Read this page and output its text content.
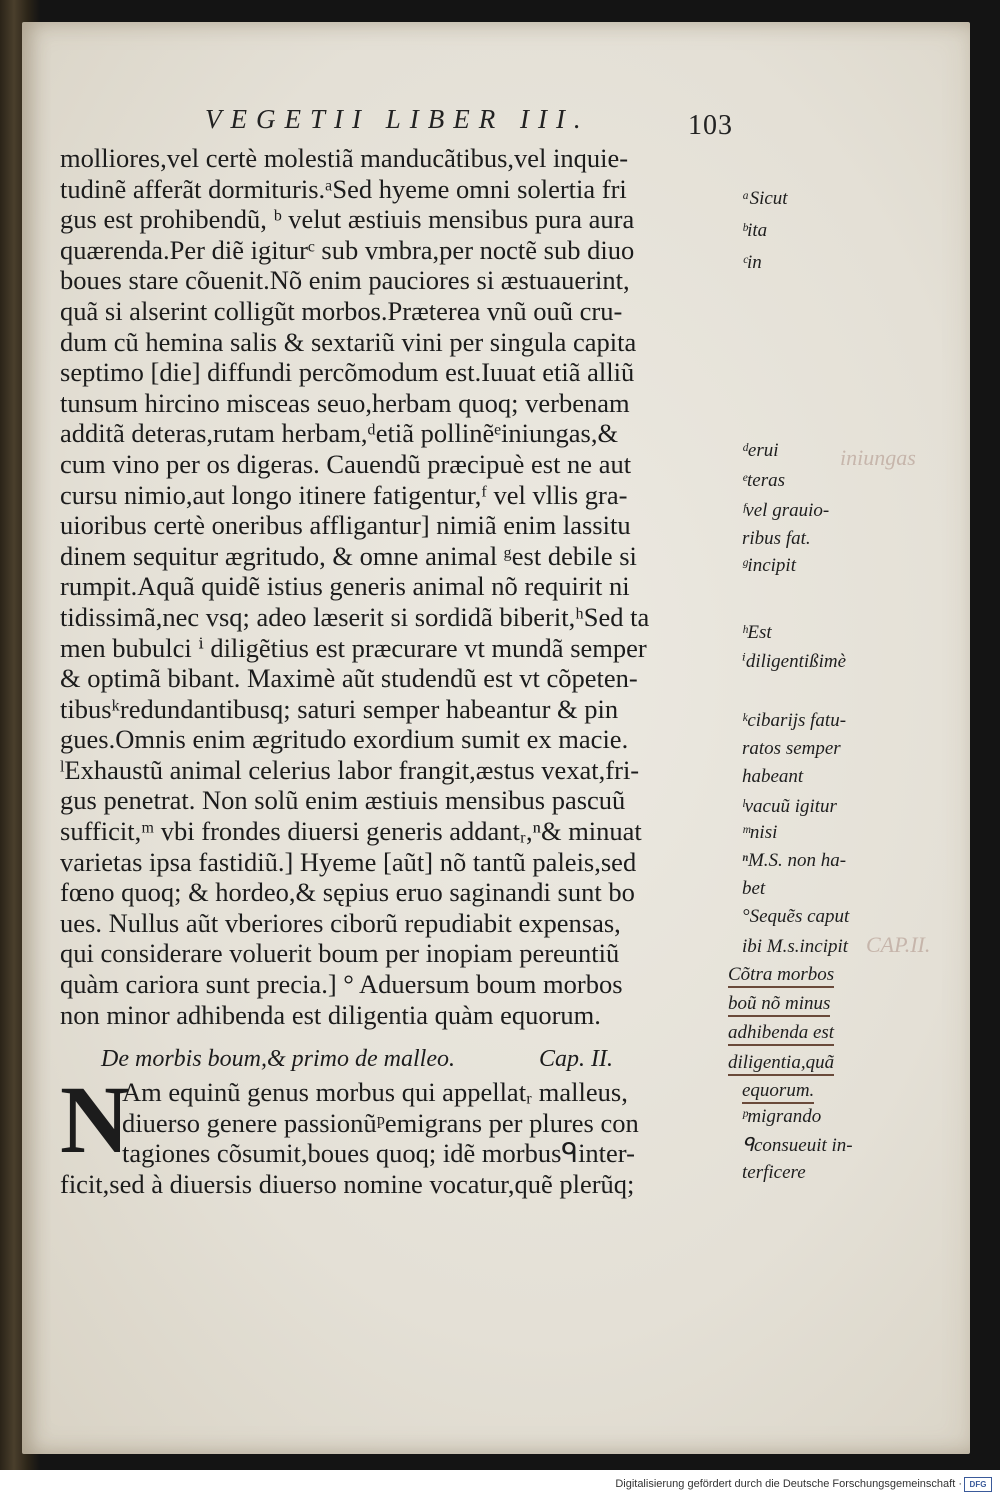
VEGETII LIBER III.	103
molliores,vel certè molestiã manducãtibus,vel inquie-
tudinẽ afferãt dormituris.ᵃSed hyeme omni solertia fri
gus est prohibendũ, ᵇ velut æstiuis mensibus pura aura
quærenda.Per diẽ igiturᶜ sub vmbra,per noctẽ sub diuo
boues stare cõuenit.Nõ enim pauciores si æstuauerint,
quã si alserint colligũt morbos.Præterea vnũ ouũ cru-
dum cũ hemina salis & sextariũ vini per singula capita
septimo [die] diffundi percõmodum est.Iuuat etiã alliũ
tunsum hircino misceas seuo,herbam quoq; verbenam
additã deteras,rutam herbam,ᵈetiã pollinẽᵉiniungas,&
cum vino per os digeras. Cauendũ præcipuè est ne aut
cursu nimio,aut longo itinere fatigentur,ᶠ vel vllis gra-
uioribus certè oneribus affligantur] nimiã enim lassitu
dinem sequitur ægritudo, & omne animal ᵍest debile si
rumpit.Aquã quidẽ istius generis animal nõ requirit ni
tidissimã,nec vsq; adeo læserit si sordidã biberit,ʰSed ta
men bubulci ⁱ diligẽtius est præcurare vt mundã semper
& optimã bibant. Maximè aũt studendũ est vt cõpeten-
tibusᵏredundantibusq; saturi semper habeantur & pin
gues.Omnis enim ægritudo exordium sumit ex macie.
ˡExhaustũ animal celerius labor frangit,æstus vexat,fri-
gus penetrat. Non solũ enim æstiuis mensibus pascuũ
sufficit,ᵐ vbi frondes diuersi generis addantᵣ,ⁿ& minuat
varietas ipsa fastidiũ.] Hyeme [aũt] nõ tantũ paleis,sed
fœno quoq; & hordeo,& sępius eruo saginandi sunt bo
ues. Nullus aũt vberiores ciborũ repudiabit expensas,
qui considerare voluerit boum per inopiam pereuntiũ
quàm cariora sunt precia.] ° Aduersum boum morbos
non minor adhibenda est diligentia quàm equorum.
De morbis boum,& primo de malleo.	Cap. II.
N
Am equinũ genus morbus qui appellatᵣ malleus,
diuerso genere passionũᵖemigrans per plures con
tagiones cõsumit,boues quoq; idẽ morbusᑫinter-
ficit,sed à diuersis diuerso nomine vocatur,quẽ plerũq;
ᵃSicut
ᵇita
ᶜin
ᵈerui
ᵉteras
ᶠvel grauio-
ribus fat.
ᵍincipit
ʰEst
ⁱdiligentißimè
ᵏcibarijs fatu-
ratos semper
habeant
ˡvacuũ igitur
ᵐnisi
ⁿM.S. non ha-
bet
°Sequẽs caput
ibi M.s.incipit
Cõtra morbos
boũ nõ minus
adhibenda est
diligentia,quã
equorum.
ᵖmigrando
ᑫconsueuit in-
terficere
iniungas
CAP.II.
Digitalisierung gefördert durch die Deutsche Forschungsgemeinschaft · DFG
